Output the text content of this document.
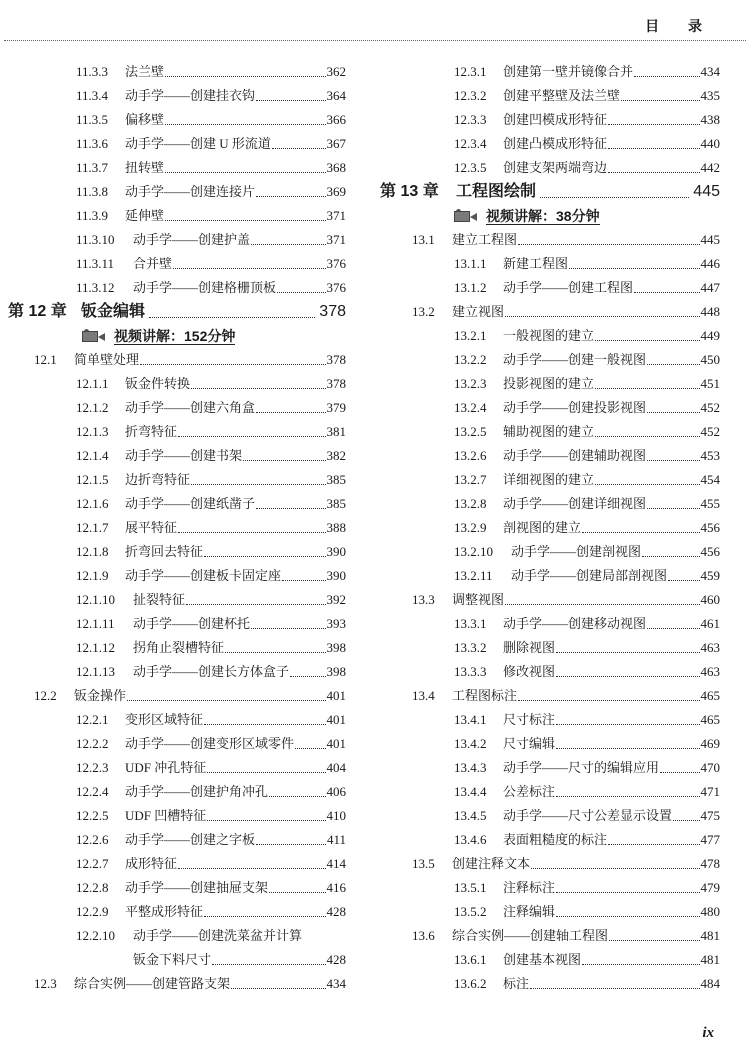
目 录
11.3.3	法兰壁	362
11.3.4	动手学——创建挂衣钩	364
11.3.5	偏移壁	366
11.3.6	动手学——创建 U 形流道	367
11.3.7	扭转壁	368
11.3.8	动手学——创建连接片	369
11.3.9	延伸壁	371
11.3.10	动手学——创建护盖	371
11.3.11	合并壁	376
11.3.12	动手学——创建格栅顶板	376
第 12 章 钣金编辑	378
视频讲解：152分钟
12.1	简单壁处理	378
12.1.1	钣金件转换	378
12.1.2	动手学——创建六角盒	379
12.1.3	折弯特征	381
12.1.4	动手学——创建书架	382
12.1.5	边折弯特征	385
12.1.6	动手学——创建纸凿子	385
12.1.7	展平特征	388
12.1.8	折弯回去特征	390
12.1.9	动手学——创建板卡固定座	390
12.1.10	扯裂特征	392
12.1.11	动手学——创建杯托	393
12.1.12	拐角止裂槽特征	398
12.1.13	动手学——创建长方体盒子	398
12.2	钣金操作	401
12.2.1	变形区域特征	401
12.2.2	动手学——创建变形区域零件 401
12.2.3	UDF 冲孔特征	404
12.2.4	动手学——创建护角冲孔	406
12.2.5	UDF 凹槽特征	410
12.2.6	动手学——创建之字板	411
12.2.7	成形特征	414
12.2.8	动手学——创建抽屉支架	416
12.2.9	平整成形特征	428
12.2.10	动手学——创建洗菜盆并计算
钣金下料尺寸	428
12.3	综合实例——创建管路支架	434
12.3.1	创建第一壁并镜像合并	434
12.3.2	创建平整壁及法兰壁	435
12.3.3	创建凹模成形特征	438
12.3.4	创建凸模成形特征	440
12.3.5	创建支架两端弯边	442
第 13 章	工程图绘制	445
视频讲解：38分钟
13.1	建立工程图	445
13.1.1	新建工程图	446
13.1.2	动手学——创建工程图	447
13.2	建立视图	448
13.2.1	一般视图的建立	449
13.2.2	动手学——创建一般视图	450
13.2.3	投影视图的建立	451
13.2.4	动手学——创建投影视图	452
13.2.5	辅助视图的建立	452
13.2.6	动手学——创建辅助视图	453
13.2.7	详细视图的建立	454
13.2.8	动手学——创建详细视图	455
13.2.9	剖视图的建立	456
13.2.10	动手学——创建剖视图	456
13.2.11	动手学——创建局部剖视图	459
13.3	调整视图	460
13.3.1	动手学——创建移动视图	461
13.3.2	删除视图	463
13.3.3	修改视图	463
13.4	工程图标注	465
13.4.1	尺寸标注	465
13.4.2	尺寸编辑	469
13.4.3	动手学——尺寸的编辑应用	470
13.4.4	公差标注	471
13.4.5	动手学——尺寸公差显示设置 475
13.4.6	表面粗糙度的标注	477
13.5	创建注释文本	478
13.5.1	注释标注	479
13.5.2	注释编辑	480
13.6	综合实例——创建轴工程图	481
13.6.1	创建基本视图	481
13.6.2	标注	484
ix
